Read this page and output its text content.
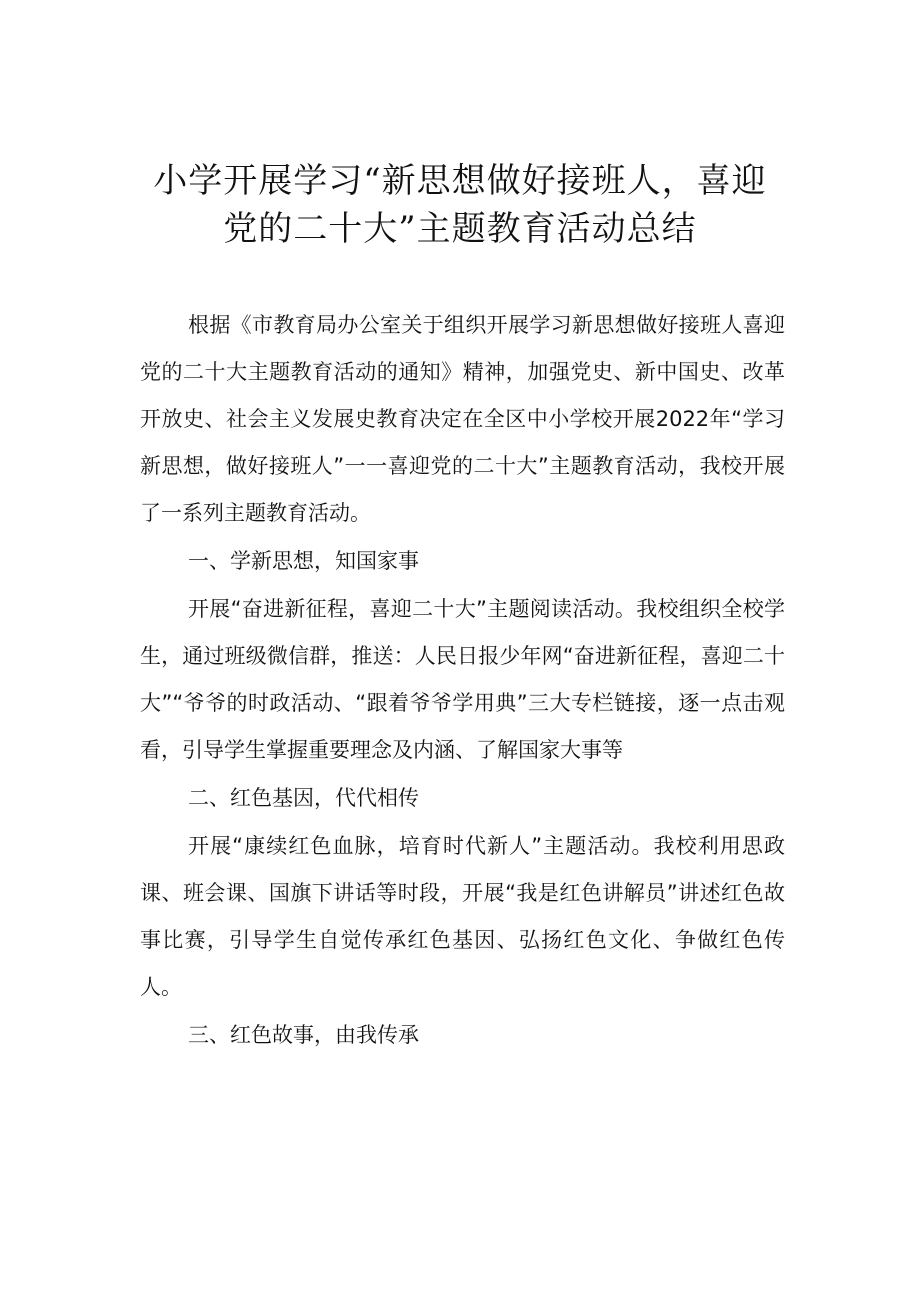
小学开展学习“新思想做好接班人，喜迎
党的二十大”主题教育活动总结

根据《市教育局办公室关于组织开展学习新思想做好接班人喜迎党的二十大主题教育活动的通知》精神，加强党史、新中国史、改革开放史、社会主义发展史教育决定在全区中小学校开展2022年“学习新思想，做好接班人”一一喜迎党的二十大”主题教育活动，我校开展了一系列主题教育活动。

一、学新思想，知国家事

开展“奋进新征程，喜迎二十大”主题阅读活动。我校组织全校学生，通过班级微信群，推送：人民日报少年网“奋进新征程，喜迎二十大”“爷爷的时政活动、“跟着爷爷学用典”三大专栏链接，逐一点击观看，引导学生掌握重要理念及内涵、了解国家大事等

二、红色基因，代代相传

开展“康续红色血脉，培育时代新人”主题活动。我校利用思政课、班会课、国旗下讲话等时段，开展“我是红色讲解员”讲述红色故事比赛，引导学生自觉传承红色基因、弘扬红色文化、争做红色传人。

三、红色故事，由我传承
